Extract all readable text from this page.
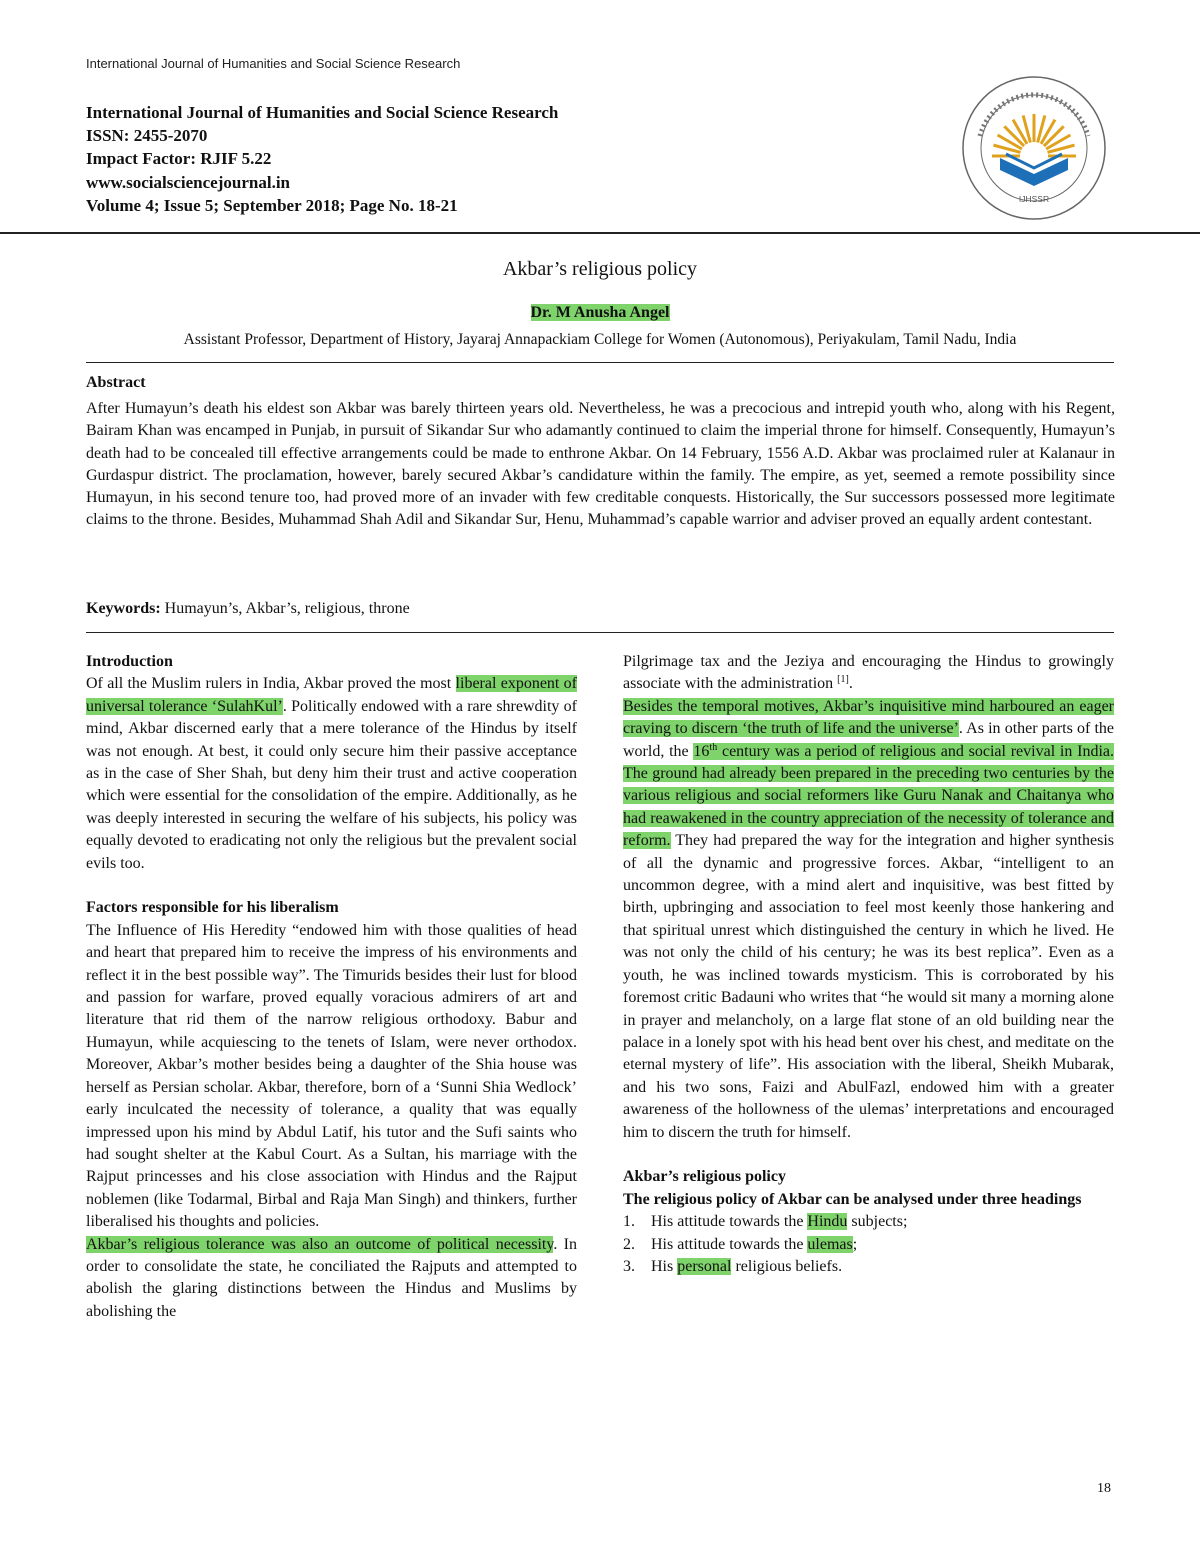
International Journal of Humanities and Social Science Research
International Journal of Humanities and Social Science Research
ISSN: 2455-2070
Impact Factor: RJIF 5.22
www.socialsciencejournal.in
Volume 4; Issue 5; September 2018; Page No. 18-21	IJHSSR
Akbar’s religious policy
Dr. M Anusha Angel
Assistant Professor, Department of History, Jayaraj Annapackiam College for Women (Autonomous), Periyakulam, Tamil Nadu, India
Abstract
After Humayun’s death his eldest son Akbar was barely thirteen years old. Nevertheless, he was a precocious and intrepid youth who, along with his Regent, Bairam Khan was encamped in Punjab, in pursuit of Sikandar Sur who adamantly continued to claim the imperial throne for himself. Consequently, Humayun’s death had to be concealed till effective arrangements could be made to enthrone Akbar. On 14 February, 1556 A.D. Akbar was proclaimed ruler at Kalanaur in Gurdaspur district. The proclamation, however, barely secured Akbar’s candidature within the family. The empire, as yet, seemed a remote possibility since Humayun, in his second tenure too, had proved more of an invader with few creditable conquests. Historically, the Sur successors possessed more legitimate claims to the throne. Besides, Muhammad Shah Adil and Sikandar Sur, Henu, Muhammad’s capable warrior and adviser proved an equally ardent contestant.
Keywords: Humayun’s, Akbar’s, religious, throne
Introduction

Of all the Muslim rulers in India, Akbar proved the most liberal exponent of universal tolerance ‘SulahKul’. Politically endowed with a rare shrewdity of mind, Akbar discerned early that a mere tolerance of the Hindus by itself was not enough. At best, it could only secure him their passive acceptance as in the case of Sher Shah, but deny him their trust and active cooperation which were essential for the consolidation of the empire. Additionally, as he was deeply interested in securing the welfare of his subjects, his policy was equally devoted to eradicating not only the religious but the prevalent social evils too.

Factors responsible for his liberalism

The Influence of His Heredity “endowed him with those qualities of head and heart that prepared him to receive the impress of his environments and reflect it in the best possible way”. The Timurids besides their lust for blood and passion for warfare, proved equally voracious admirers of art and literature that rid them of the narrow religious orthodoxy. Babur and Humayun, while acquiescing to the tenets of Islam, were never orthodox. Moreover, Akbar’s mother besides being a daughter of the Shia house was herself as Persian scholar. Akbar, therefore, born of a ‘Sunni Shia Wedlock’ early inculcated the necessity of tolerance, a quality that was equally impressed upon his mind by Abdul Latif, his tutor and the Sufi saints who had sought shelter at the Kabul Court. As a Sultan, his marriage with the Rajput princesses and his close association with Hindus and the Rajput noblemen (like Todarmal, Birbal and Raja Man Singh) and thinkers, further liberalised his thoughts and policies.

Akbar’s religious tolerance was also an outcome of political necessity. In order to consolidate the state, he conciliated the Rajputs and attempted to abolish the glaring distinctions between the Hindus and Muslims by abolishing the

Pilgrimage tax and the Jeziya and encouraging the Hindus to growingly associate with the administration [1].

Besides the temporal motives, Akbar’s inquisitive mind harboured an eager craving to discern ‘the truth of life and the universe’. As in other parts of the world, the 16th century was a period of religious and social revival in India. The ground had already been prepared in the preceding two centuries by the various religious and social reformers like Guru Nanak and Chaitanya who had reawakened in the country appreciation of the necessity of tolerance and reform. They had prepared the way for the integration and higher synthesis of all the dynamic and progressive forces. Akbar, “intelligent to an uncommon degree, with a mind alert and inquisitive, was best fitted by birth, upbringing and association to feel most keenly those hankering and that spiritual unrest which distinguished the century in which he lived. He was not only the child of his century; he was its best replica”. Even as a youth, he was inclined towards mysticism. This is corroborated by his foremost critic Badauni who writes that “he would sit many a morning alone in prayer and melancholy, on a large flat stone of an old building near the palace in a lonely spot with his head bent over his chest, and meditate on the eternal mystery of life”. His association with the liberal, Sheikh Mubarak, and his two sons, Faizi and AbulFazl, endowed him with a greater awareness of the hollowness of the ulemas’ interpretations and encouraged him to discern the truth for himself.

Akbar’s religious policy
The religious policy of Akbar can be analysed under three headings
1.	His attitude towards the Hindu subjects;
2.	His attitude towards the ulemas;
3.	His personal religious beliefs.
18
